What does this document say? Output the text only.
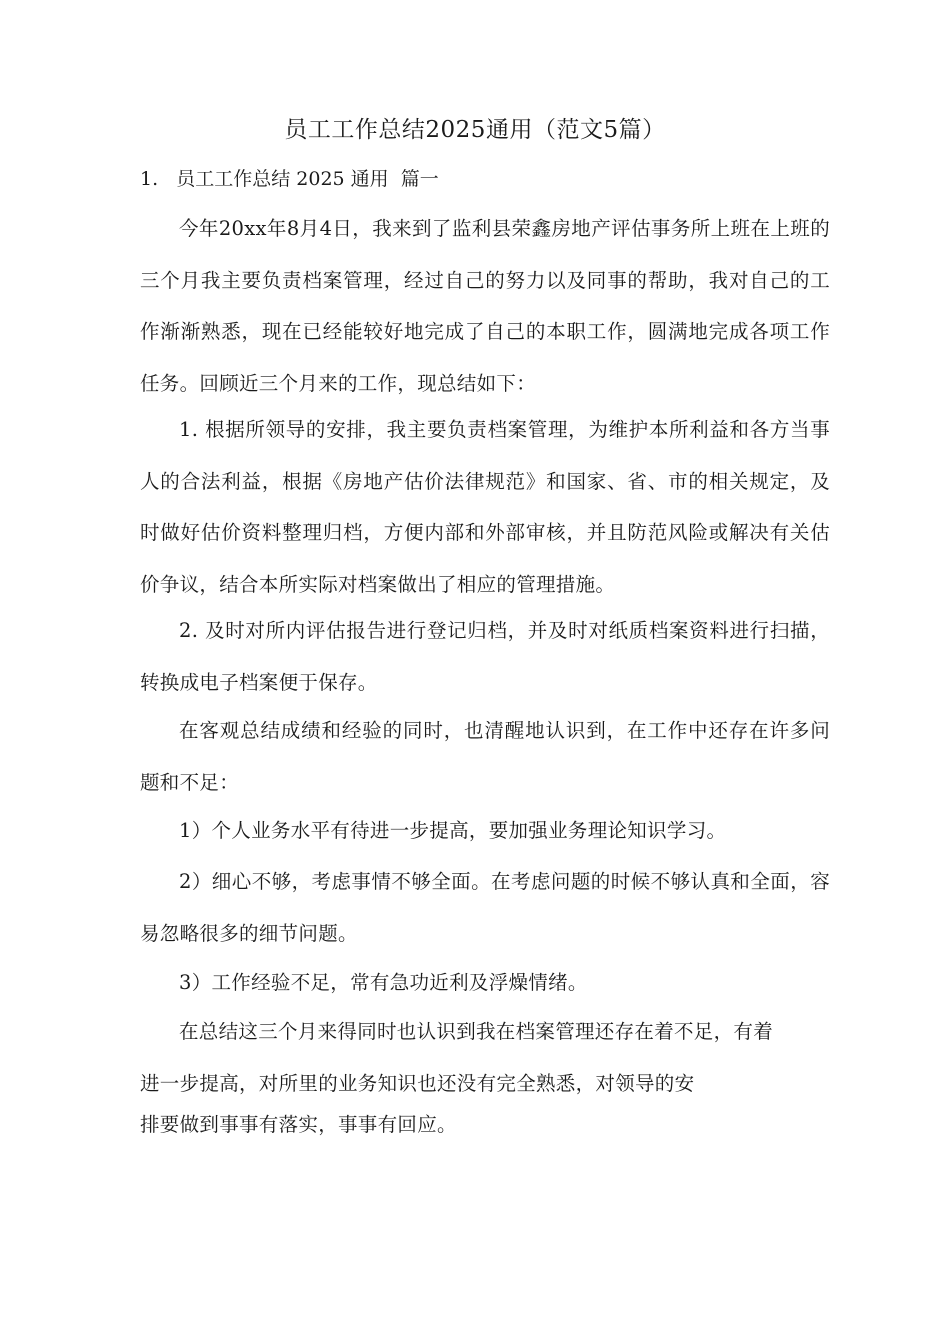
员工工作总结2025通用（范文5篇）

1.   员工工作总结 2025 通用  篇一

今年20xx年8月4日，我来到了监利县荣鑫房地产评估事务所上班在上班的三个月我主要负责档案管理，经过自己的努力以及同事的帮助，我对自己的工作渐渐熟悉，现在已经能较好地完成了自己的本职工作，圆满地完成各项工作任务。回顾近三个月来的工作，现总结如下：

1. 根据所领导的安排，我主要负责档案管理，为维护本所利益和各方当事人的合法利益，根据《房地产估价法律规范》和国家、省、市的相关规定，及时做好估价资料整理归档，方便内部和外部审核，并且防范风险或解决有关估价争议，结合本所实际对档案做出了相应的管理措施。

2. 及时对所内评估报告进行登记归档，并及时对纸质档案资料进行扫描，转换成电子档案便于保存。

在客观总结成绩和经验的同时，也清醒地认识到，在工作中还存在许多问题和不足：

1）个人业务水平有待进一步提高，要加强业务理论知识学习。

2）细心不够，考虑事情不够全面。在考虑问题的时候不够认真和全面，容易忽略很多的细节问题。

3）工作经验不足，常有急功近利及浮燥情绪。

在总结这三个月来得同时也认识到我在档案管理还存在着不足，有着
进一步提高，对所里的业务知识也还没有完全熟悉，对领导的安
排要做到事事有落实，事事有回应。
